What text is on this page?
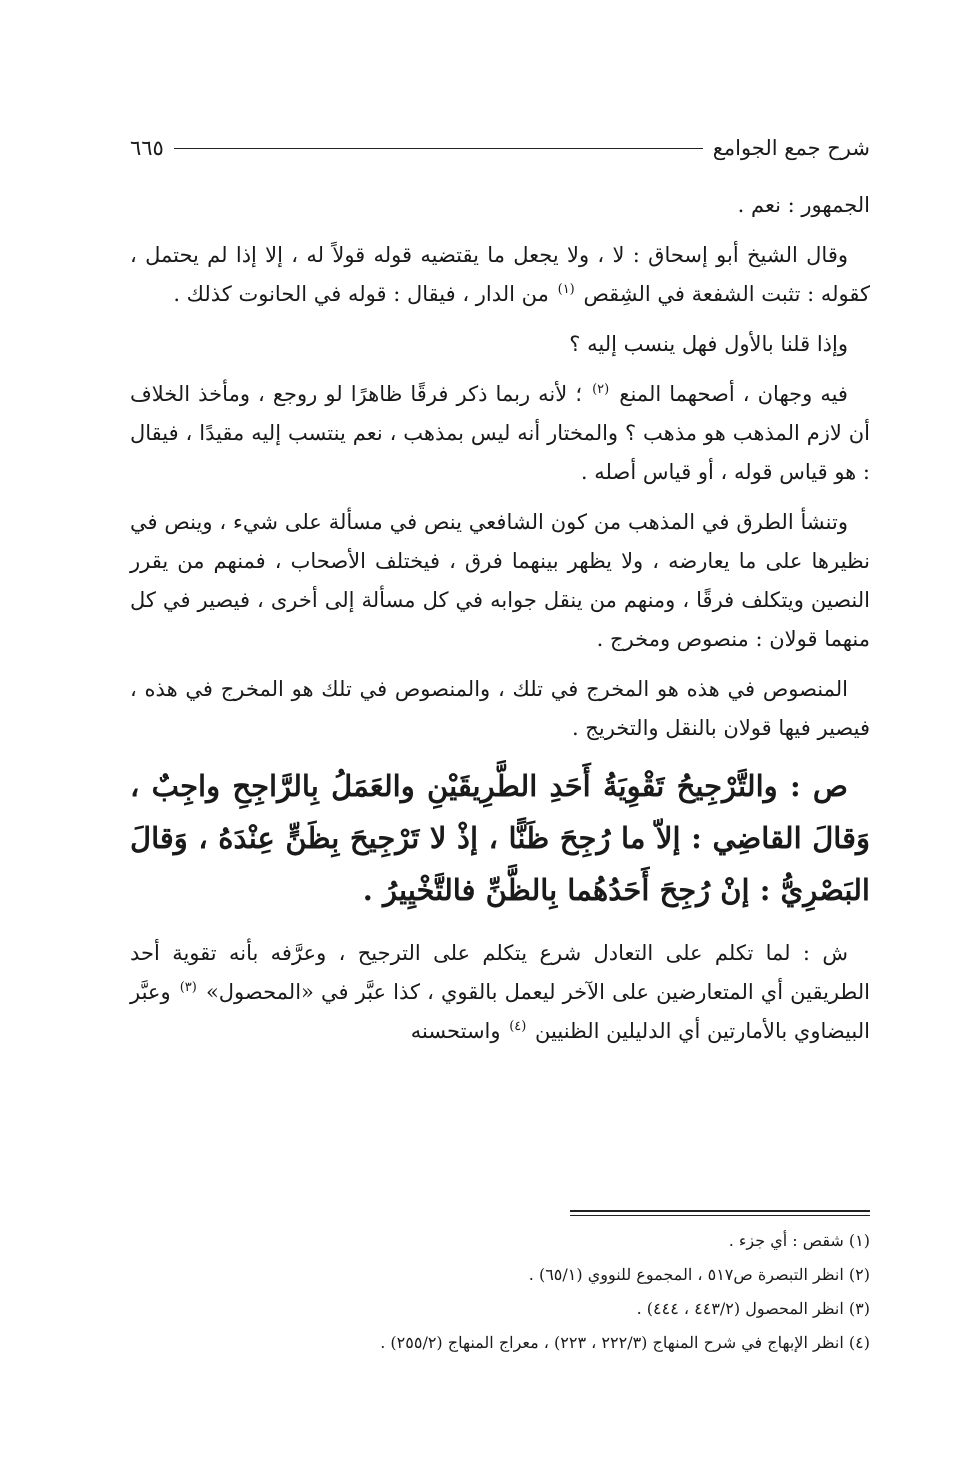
شرح جمع الجوامع
٦٦٥

الجمهور : نعم .

وقال الشيخ أبو إسحاق : لا ، ولا يجعل ما يقتضيه قوله قولاً له ، إلا إذا لم يحتمل ، كقوله : تثبت الشفعة في الشِقص $^{(١)}$ من الدار ، فيقال : قوله في الحانوت كذلك .

وإذا قلنا بالأول فهل ينسب إليه ؟

فيه وجهان ، أصحهما المنع $^{(٢)}$ ؛ لأنه ربما ذكر فرقًا ظاهرًا لو روجع ، ومأخذ الخلاف أن لازم المذهب هو مذهب ؟ والمختار أنه ليس بمذهب ، نعم ينتسب إليه مقيدًا ، فيقال : هو قياس قوله ، أو قياس أصله .

وتنشأ الطرق في المذهب من كون الشافعي ينص في مسألة على شيء ، وينص في نظيرها على ما يعارضه ، ولا يظهر بينهما فرق ، فيختلف الأصحاب ، فمنهم من يقرر النصين ويتكلف فرقًا ، ومنهم من ينقل جوابه في كل مسألة إلى أخرى ، فيصير في كل منهما قولان : منصوص ومخرج .

المنصوص في هذه هو المخرج في تلك ، والمنصوص في تلك هو المخرج في هذه ، فيصير فيها قولان بالنقل والتخريج .

ص : والتَّرْجِيحُ تَقْوِيَةُ أَحَدِ الطَّرِيقَيْنِ والعَمَلُ بِالرَّاجِحِ واجِبٌ ، وَقالَ القاضِي : إلاّ ما رُجِحَ ظَنًّا ، إذْ لا تَرْجِيحَ بِظَنٍّ عِنْدَهُ ، وَقالَ البَصْرِيُّ : إنْ رُجِحَ أَحَدُهُما بِالظَّنِّ فالتَّخْيِيرُ .

ش : لما تكلم على التعادل شرع يتكلم على الترجيح ، وعرَّفه بأنه تقوية أحد الطريقين أي المتعارضين على الآخر ليعمل بالقوي ، كذا عبَّر في «المحصول» $^{(٣)}$ وعبَّر البيضاوي بالأمارتين أي الدليلين الظنيين $^{(٤)}$ واستحسنه

(١) شقص : أي جزء .
(٢) انظر التبصرة ص٥١٧ ، المجموع للنووي (٦٥/١) .
(٣) انظر المحصول (٤٤٣/٢ ، ٤٤٤) .
(٤) انظر الإبهاج في شرح المنهاج (٢٢٢/٣ ، ٢٢٣) ، معراج المنهاج (٢٥٥/٢) .
